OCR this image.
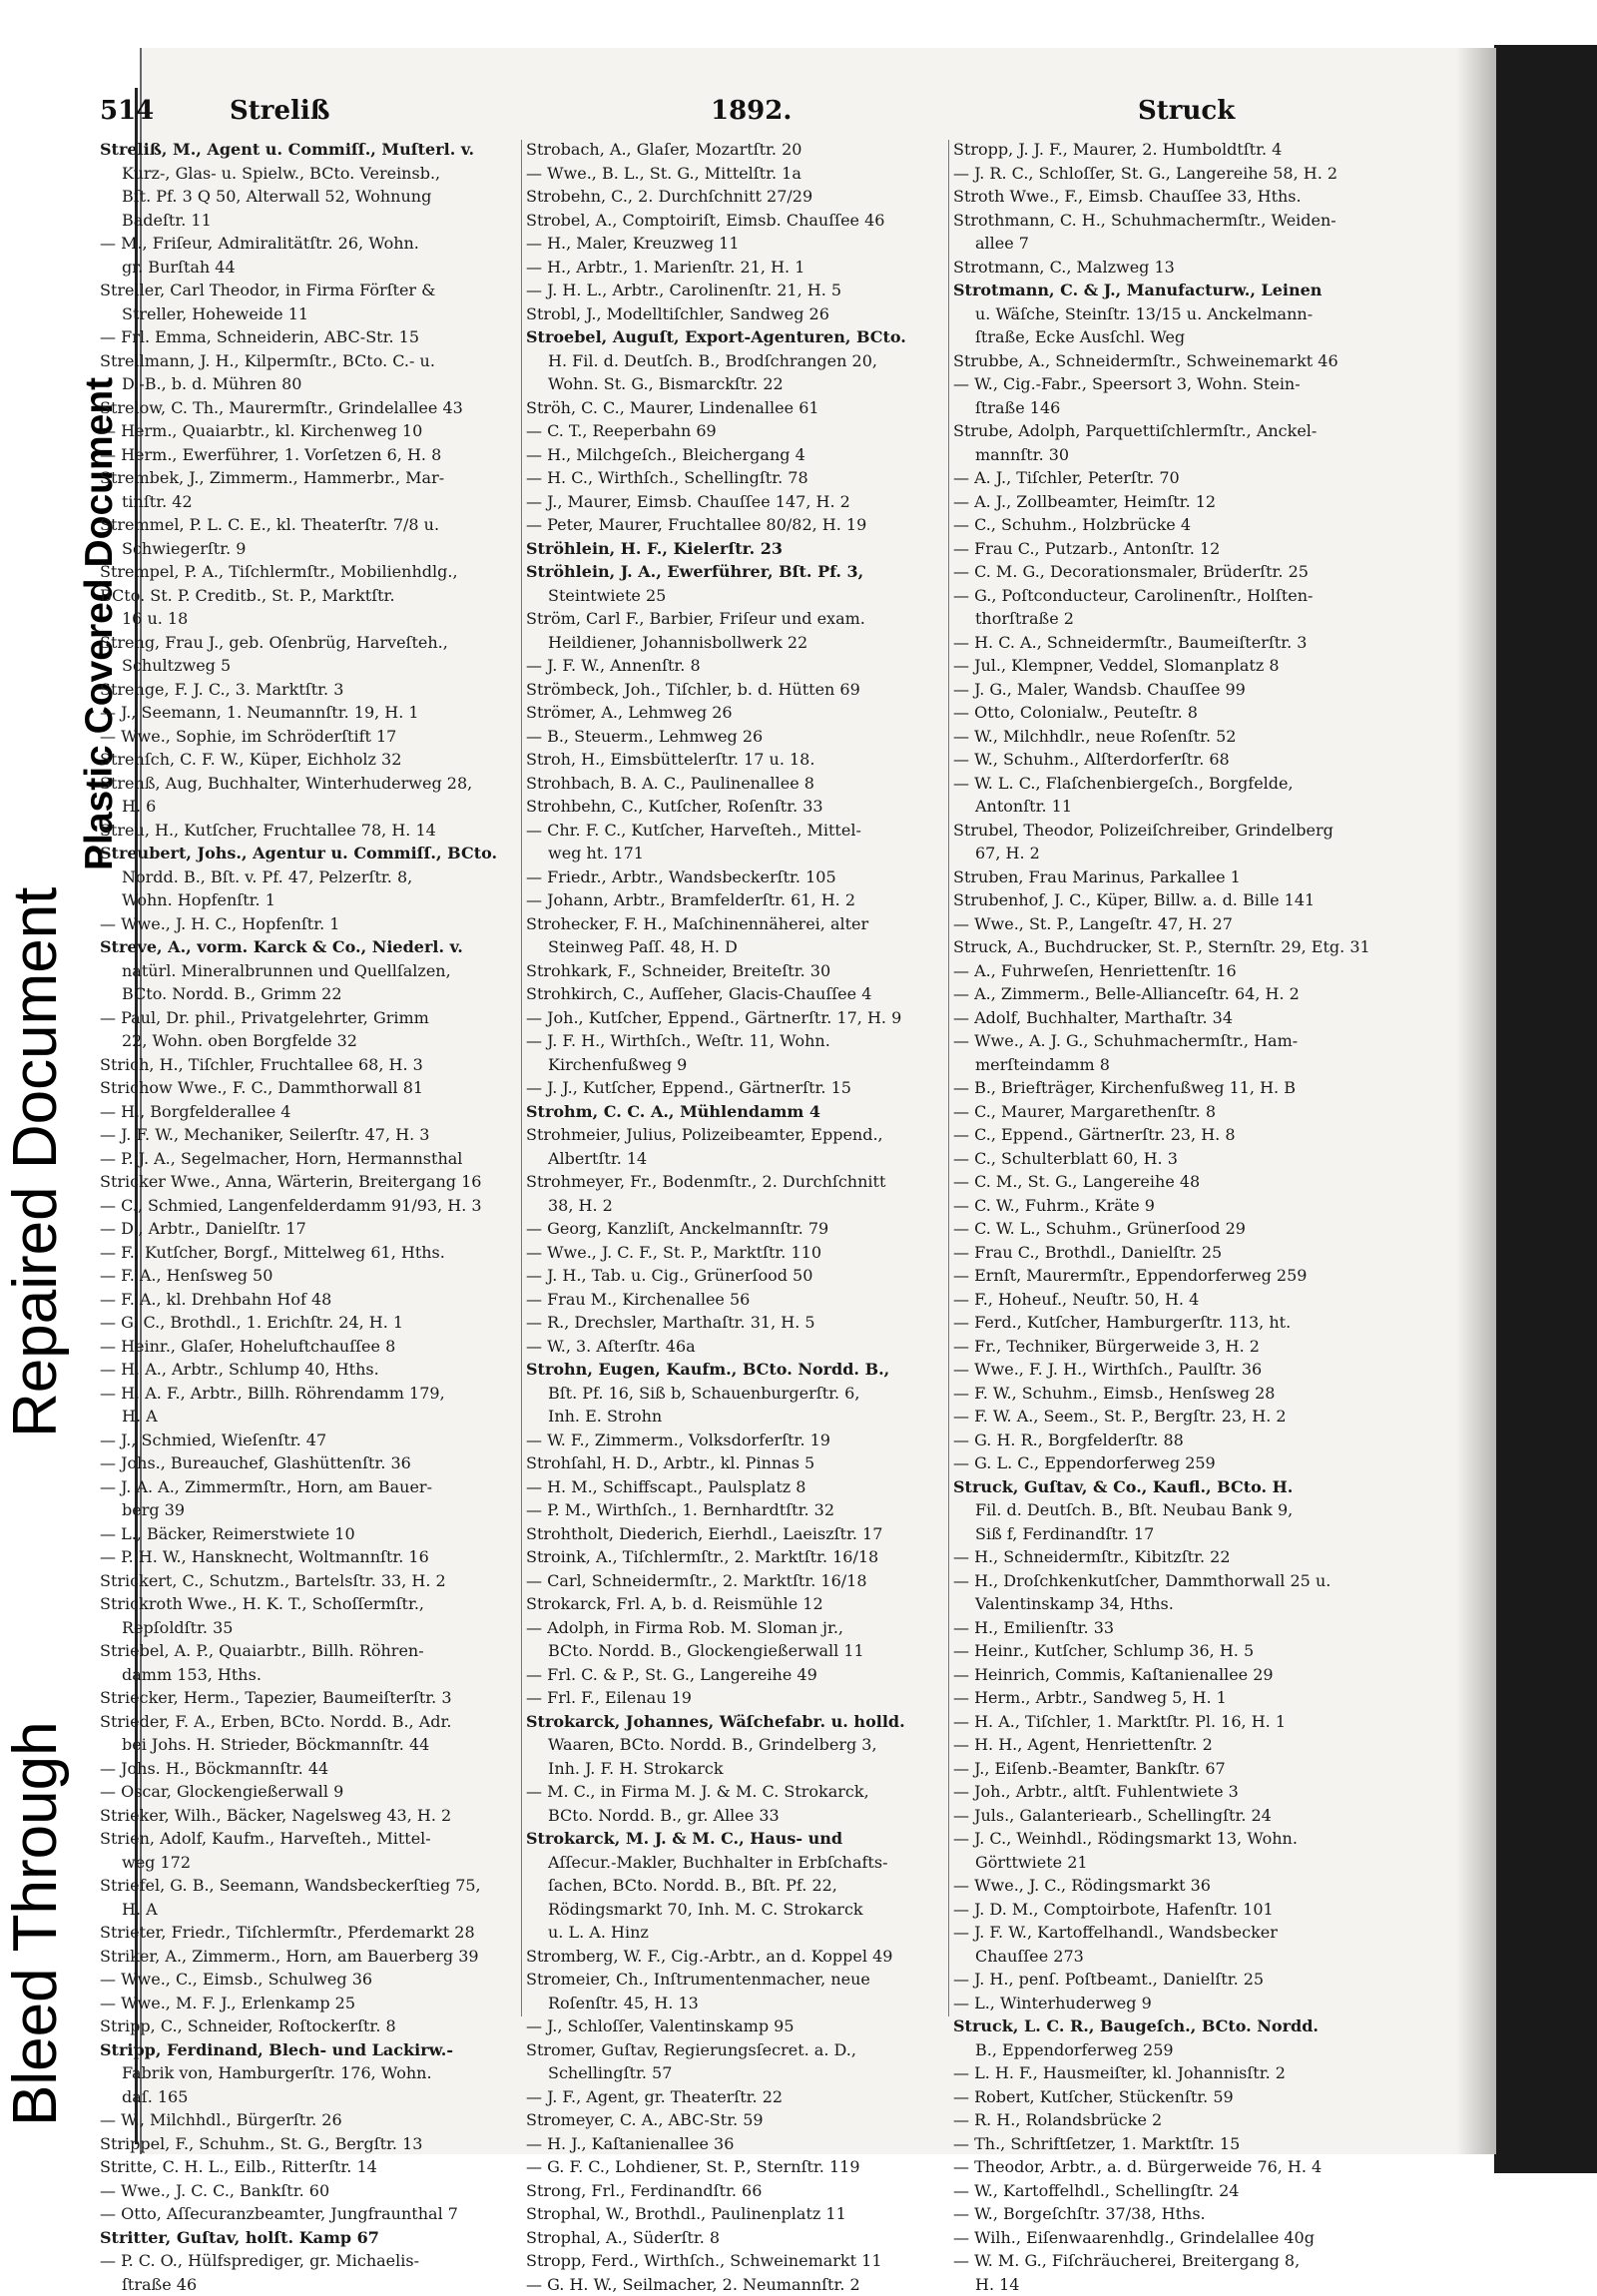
Repaired Document
Plastic Covered Document
Bleed Through
514	Streliß	1892.	Struck

Streliß, M., Agent u. Commiſſ., Muſterl. v.

Kurz-, Glas- u. Spielw., BCto. Vereinsb.,

Bſt. Pf. 3 Q 50, Alterwall 52, Wohnung

Badeſtr. 11

— M., Friſeur, Admiralitätſtr. 26, Wohn.

gr. Burſtah 44

Streller, Carl Theodor, in Firma Förſter &

Streller, Hoheweide 11

— Frl. Emma, Schneiderin, ABC-Str. 15

Strellmann, J. H., Kilpermſtr., BCto. C.- u.

D.-B., b. d. Mühren 80

Strelow, C. Th., Maurermſtr., Grindelallee 43

— Herm., Quaiarbtr., kl. Kirchenweg 10

— Herm., Ewerführer, 1. Vorſetzen 6, H. 8

Strembek, J., Zimmerm., Hammerbr., Mar-

tinſtr. 42

Stremmel, P. L. C. E., kl. Theaterſtr. 7/8 u.

Schwiegerſtr. 9

Strempel, P. A., Tiſchlermſtr., Mobilienhdlg.,

BCto. St. P. Creditb., St. P., Marktſtr.

16 u. 18

Streng, Frau J., geb. Oſenbrüg, Harveſteh.,

Schultzweg 5

Strenge, F. J. C., 3. Marktſtr. 3

— J., Seemann, 1. Neumannſtr. 19, H. 1

— Wwe., Sophie, im Schröderſtift 17

Strenſch, C. F. W., Küper, Eichholz 32

Strenß, Aug, Buchhalter, Winterhuderweg 28,

H. 6

Streu, H., Kutſcher, Fruchtallee 78, H. 14

Streubert, Johs., Agentur u. Commiſſ., BCto.

Nordd. B., Bſt. v. Pf. 47, Pelzerſtr. 8,

Wohn. Hopfenſtr. 1

— Wwe., J. H. C., Hopfenſtr. 1

Streve, A., vorm. Karck & Co., Niederl. v.

natürl. Mineralbrunnen und Quellſalzen,

BCto. Nordd. B., Grimm 22

— Paul, Dr. phil., Privatgelehrter, Grimm

22, Wohn. oben Borgfelde 32

Strich, H., Tiſchler, Fruchtallee 68, H. 3

Strichow Wwe., F. C., Dammthorwall 81

— H., Borgfelderallee 4

— J. F. W., Mechaniker, Seilerſtr. 47, H. 3

— P. J. A., Segelmacher, Horn, Hermannsthal

Stricker Wwe., Anna, Wärterin, Breitergang 16

— C., Schmied, Langenfelderdamm 91/93, H. 3

— D., Arbtr., Danielſtr. 17

— F., Kutſcher, Borgf., Mittelweg 61, Hths.

— F. A., Henſsweg 50

— F. A., kl. Drehbahn Hof 48

— G. C., Brothdl., 1. Erichſtr. 24, H. 1

— Heinr., Glaſer, Hoheluftchauſſee 8

— H. A., Arbtr., Schlump 40, Hths.

— H. A. F., Arbtr., Billh. Röhrendamm 179,

H. A

— J., Schmied, Wieſenſtr. 47

— Johs., Bureauchef, Glashüttenſtr. 36

— J. A. A., Zimmermſtr., Horn, am Bauer-

berg 39

— L., Bäcker, Reimerstwiete 10

— P. H. W., Hansknecht, Woltmannſtr. 16

Strickert, C., Schutzm., Bartelsſtr. 33, H. 2

Strickroth Wwe., H. K. T., Schoſſermſtr.,

Repſoldſtr. 35

Striebel, A. P., Quaiarbtr., Billh. Röhren-

damm 153, Hths.

Striecker, Herm., Tapezier, Baumeiſterſtr. 3

Strieder, F. A., Erben, BCto. Nordd. B., Adr.

bei Johs. H. Strieder, Böckmannſtr. 44

— Johs. H., Böckmannſtr. 44

— Oscar, Glockengießerwall 9

Strieker, Wilh., Bäcker, Nagelsweg 43, H. 2

Strien, Adolf, Kaufm., Harveſteh., Mittel-

weg 172

Striefel, G. B., Seemann, Wandsbeckerſtieg 75,

H. A

Strieter, Friedr., Tiſchlermſtr., Pferdemarkt 28

Striker, A., Zimmerm., Horn, am Bauerberg 39

— Wwe., C., Eimsb., Schulweg 36

— Wwe., M. F. J., Erlenkamp 25

Stripp, C., Schneider, Roſtockerſtr. 8

Stripp, Ferdinand, Blech- und Lackirw.-

Fabrik von, Hamburgerſtr. 176, Wohn.

daſ. 165

— W., Milchhdl., Bürgerſtr. 26

Strippel, F., Schuhm., St. G., Bergſtr. 13

Stritte, C. H. L., Eilb., Ritterſtr. 14

— Wwe., J. C. C., Bankſtr. 60

— Otto, Aſſecuranzbeamter, Jungfraunthal 7

Stritter, Guſtav, holſt. Kamp 67

— P. C. O., Hülfsprediger, gr. Michaelis-

ſtraße 46

Strobach, A., Glaſer, Mozartſtr. 20

— Wwe., B. L., St. G., Mittelſtr. 1a

Strobehn, C., 2. Durchſchnitt 27/29

Strobel, A., Comptoiriſt, Eimsb. Chauſſee 46

— H., Maler, Kreuzweg 11

— H., Arbtr., 1. Marienſtr. 21, H. 1

— J. H. L., Arbtr., Carolinenſtr. 21, H. 5

Strobl, J., Modelltiſchler, Sandweg 26

Stroebel, Auguſt, Export-Agenturen, BCto.

H. Fil. d. Deutſch. B., Brodſchrangen 20,

Wohn. St. G., Bismarckſtr. 22

Ströh, C. C., Maurer, Lindenallee 61

— C. T., Reeperbahn 69

— H., Milchgeſch., Bleichergang 4

— H. C., Wirthſch., Schellingſtr. 78

— J., Maurer, Eimsb. Chauſſee 147, H. 2

— Peter, Maurer, Fruchtallee 80/82, H. 19

Ströhlein, H. F., Kielerſtr. 23

Ströhlein, J. A., Ewerführer, Bſt. Pf. 3,

Steintwiete 25

Ström, Carl F., Barbier, Friſeur und exam.

Heildiener, Johannisbollwerk 22

— J. F. W., Annenſtr. 8

Strömbeck, Joh., Tiſchler, b. d. Hütten 69

Strömer, A., Lehmweg 26

— B., Steuerm., Lehmweg 26

Stroh, H., Eimsbüttelerſtr. 17 u. 18.

Strohbach, B. A. C., Paulinenallee 8

Strohbehn, C., Kutſcher, Roſenſtr. 33

— Chr. F. C., Kutſcher, Harveſteh., Mittel-

weg ht. 171

— Friedr., Arbtr., Wandsbeckerſtr. 105

— Johann, Arbtr., Bramfelderſtr. 61, H. 2

Strohecker, F. H., Maſchinennäherei, alter

Steinweg Paſſ. 48, H. D

Strohkark, F., Schneider, Breiteſtr. 30

Strohkirch, C., Aufſeher, Glacis-Chauſſee 4

— Joh., Kutſcher, Eppend., Gärtnerſtr. 17, H. 9

— J. F. H., Wirthſch., Weſtr. 11, Wohn.

Kirchenfußweg 9

— J. J., Kutſcher, Eppend., Gärtnerſtr. 15

Strohm, C. C. A., Mühlendamm 4

Strohmeier, Julius, Polizeibeamter, Eppend.,

Albertſtr. 14

Strohmeyer, Fr., Bodenmſtr., 2. Durchſchnitt

38, H. 2

— Georg, Kanzliſt, Anckelmannſtr. 79

— Wwe., J. C. F., St. P., Marktſtr. 110

— J. H., Tab. u. Cig., Grünerſood 50

— Frau M., Kirchenallee 56

— R., Drechsler, Marthaſtr. 31, H. 5

— W., 3. Aſterſtr. 46a

Strohn, Eugen, Kaufm., BCto. Nordd. B.,

Bſt. Pf. 16, Siß b, Schauenburgerſtr. 6,

Inh. E. Strohn

— W. F., Zimmerm., Volksdorferſtr. 19

Strohſahl, H. D., Arbtr., kl. Pinnas 5

— H. M., Schiffscapt., Paulsplatz 8

— P. M., Wirthſch., 1. Bernhardtſtr. 32

Strohtholt, Diederich, Eierhdl., Laeiszſtr. 17

Stroink, A., Tiſchlermſtr., 2. Marktſtr. 16/18

— Carl, Schneidermſtr., 2. Marktſtr. 16/18

Strokarck, Frl. A, b. d. Reismühle 12

— Adolph, in Firma Rob. M. Sloman jr.,

BCto. Nordd. B., Glockengießerwall 11

— Frl. C. & P., St. G., Langereihe 49

— Frl. F., Eilenau 19

Strokarck, Johannes, Wäſchefabr. u. holld.

Waaren, BCto. Nordd. B., Grindelberg 3,

Inh. J. F. H. Strokarck

— M. C., in Firma M. J. & M. C. Strokarck,

BCto. Nordd. B., gr. Allee 33

Strokarck, M. J. & M. C., Haus- und

Aſſecur.-Makler, Buchhalter in Erbſchafts-

ſachen, BCto. Nordd. B., Bſt. Pf. 22,

Rödingsmarkt 70, Inh. M. C. Strokarck

u. L. A. Hinz

Stromberg, W. F., Cig.-Arbtr., an d. Koppel 49

Stromeier, Ch., Inſtrumentenmacher, neue

Roſenſtr. 45, H. 13

— J., Schloſſer, Valentinskamp 95

Stromer, Guſtav, Regierungsſecret. a. D.,

Schellingſtr. 57

— J. F., Agent, gr. Theaterſtr. 22

Stromeyer, C. A., ABC-Str. 59

— H. J., Kaſtanienallee 36

— G. F. C., Lohdiener, St. P., Sternſtr. 119

Strong, Frl., Ferdinandſtr. 66

Strophal, W., Brothdl., Paulinenplatz 11

Strophal, A., Süderſtr. 8

Stropp, Ferd., Wirthſch., Schweinemarkt 11

— G. H. W., Seilmacher, 2. Neumannſtr. 2

Stropp, J. J. F., Maurer, 2. Humboldtſtr. 4

— J. R. C., Schloſſer, St. G., Langereihe 58, H. 2

Stroth Wwe., F., Eimsb. Chauſſee 33, Hths.

Strothmann, C. H., Schuhmachermſtr., Weiden-

allee 7

Strotmann, C., Malzweg 13

Strotmann, C. & J., Manufacturw., Leinen

u. Wäſche, Steinſtr. 13/15 u. Anckelmann-

ſtraße, Ecke Ausſchl. Weg

Strubbe, A., Schneidermſtr., Schweinemarkt 46

— W., Cig.-Fabr., Speersort 3, Wohn. Stein-

ſtraße 146

Strube, Adolph, Parquettiſchlermſtr., Anckel-

mannſtr. 30

— A. J., Tiſchler, Peterſtr. 70

— A. J., Zollbeamter, Heimſtr. 12

— C., Schuhm., Holzbrücke 4

— Frau C., Putzarb., Antonſtr. 12

— C. M. G., Decorationsmaler, Brüderſtr. 25

— G., Poſtconducteur, Carolinenſtr., Holſten-

thorſtraße 2

— H. C. A., Schneidermſtr., Baumeiſterſtr. 3

— Jul., Klempner, Veddel, Slomanplatz 8

— J. G., Maler, Wandsb. Chauſſee 99

— Otto, Colonialw., Peuteſtr. 8

— W., Milchhdlr., neue Roſenſtr. 52

— W., Schuhm., Alſterdorferſtr. 68

— W. L. C., Flaſchenbiergeſch., Borgfelde,

Antonſtr. 11

Strubel, Theodor, Polizeiſchreiber, Grindelberg

67, H. 2

Struben, Frau Marinus, Parkallee 1

Strubenhof, J. C., Küper, Billw. a. d. Bille 141

— Wwe., St. P., Langeſtr. 47, H. 27

Struck, A., Buchdrucker, St. P., Sternſtr. 29, Etg. 31

— A., Fuhrweſen, Henriettenſtr. 16

— A., Zimmerm., Belle-Allianceſtr. 64, H. 2

— Adolf, Buchhalter, Marthaſtr. 34

— Wwe., A. J. G., Schuhmachermſtr., Ham-

merſteindamm 8

— B., Briefträger, Kirchenfußweg 11, H. B

— C., Maurer, Margarethenſtr. 8

— C., Eppend., Gärtnerſtr. 23, H. 8

— C., Schulterblatt 60, H. 3

— C. M., St. G., Langereihe 48

— C. W., Fuhrm., Kräte 9

— C. W. L., Schuhm., Grünerſood 29

— Frau C., Brothdl., Danielſtr. 25

— Ernſt, Maurermſtr., Eppendorferweg 259

— F., Hoheuf., Neuſtr. 50, H. 4

— Ferd., Kutſcher, Hamburgerſtr. 113, ht.

— Fr., Techniker, Bürgerweide 3, H. 2

— Wwe., F. J. H., Wirthſch., Paulſtr. 36

— F. W., Schuhm., Eimsb., Henſsweg 28

— F. W. A., Seem., St. P., Bergſtr. 23, H. 2

— G. H. R., Borgfelderſtr. 88

— G. L. C., Eppendorferweg 259

Struck, Guſtav, & Co., Kaufl., BCto. H.

Fil. d. Deutſch. B., Bſt. Neubau Bank 9,

Siß f, Ferdinandſtr. 17

— H., Schneidermſtr., Kibitzſtr. 22

— H., Droſchkenkutſcher, Dammthorwall 25 u.

Valentinskamp 34, Hths.

— H., Emilienſtr. 33

— Heinr., Kutſcher, Schlump 36, H. 5

— Heinrich, Commis, Kaſtanienallee 29

— Herm., Arbtr., Sandweg 5, H. 1

— H. A., Tiſchler, 1. Marktſtr. Pl. 16, H. 1

— H. H., Agent, Henriettenſtr. 2

— J., Eiſenb.-Beamter, Bankſtr. 67

— Joh., Arbtr., altſt. Fuhlentwiete 3

— Juls., Galanteriearb., Schellingſtr. 24

— J. C., Weinhdl., Rödingsmarkt 13, Wohn.

Görttwiete 21

— Wwe., J. C., Rödingsmarkt 36

— J. D. M., Comptoirbote, Hafenſtr. 101

— J. F. W., Kartoffelhandl., Wandsbecker

Chauſſee 273

— J. H., penſ. Poſtbeamt., Danielſtr. 25

— L., Winterhuderweg 9

Struck, L. C. R., Baugeſch., BCto. Nordd.

B., Eppendorferweg 259

— L. H. F., Hausmeiſter, kl. Johannisſtr. 2

— Robert, Kutſcher, Stückenſtr. 59

— R. H., Rolandsbrücke 2

— Th., Schriftſetzer, 1. Marktſtr. 15

— Theodor, Arbtr., a. d. Bürgerweide 76, H. 4

— W., Kartoffelhdl., Schellingſtr. 24

— W., Borgeſchſtr. 37/38, Hths.

— Wilh., Eiſenwaarenhdlg., Grindelallee 40g

— W. M. G., Fiſchräucherei, Breitergang 8,

H. 14
